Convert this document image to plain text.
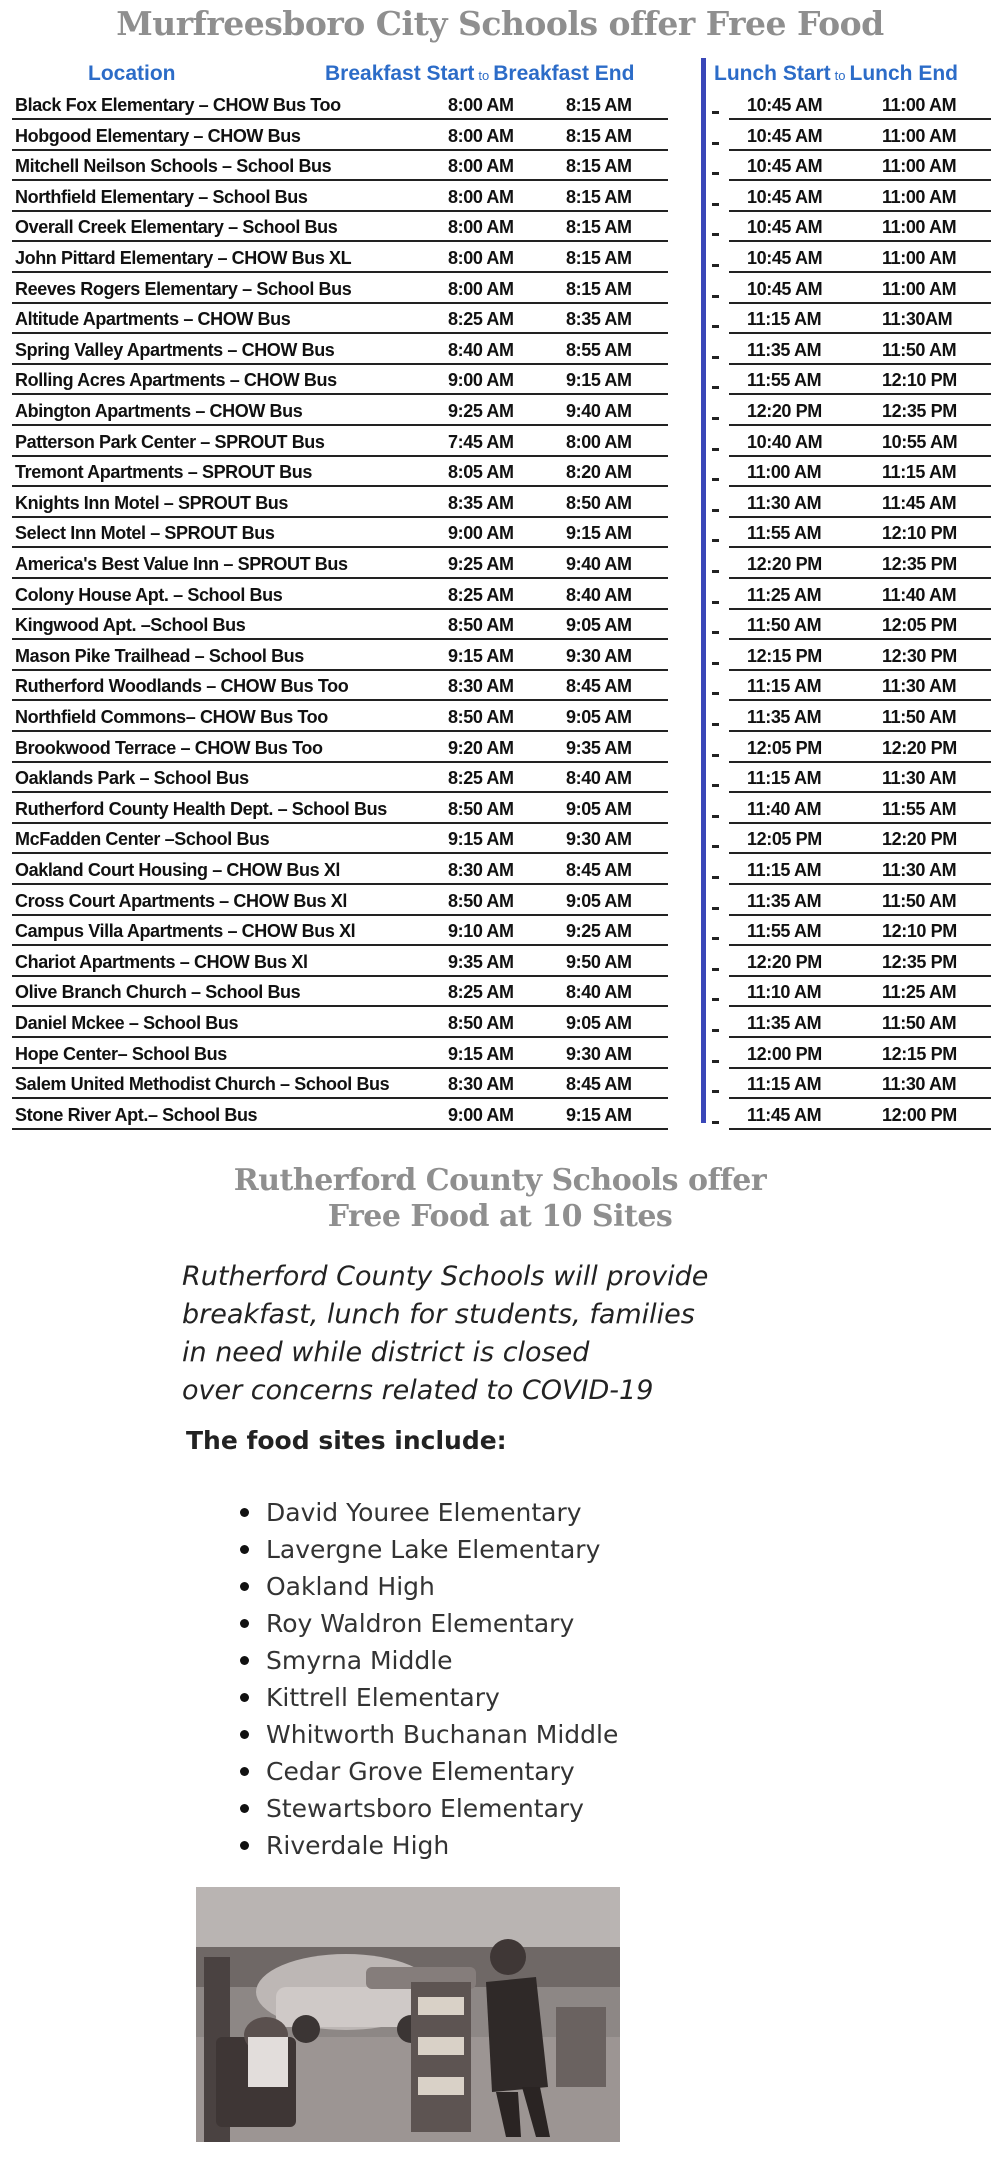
Murfreesboro City Schools offer Free Food
Location	Breakfast Start to Breakfast End	Lunch Start to Lunch End
Black Fox Elementary – CHOW Bus Too	8:00 AM	8:15 AM	10:45 AM	11:00 AM
Hobgood Elementary – CHOW Bus	8:00 AM	8:15 AM	10:45 AM	11:00 AM
Mitchell Neilson Schools – School Bus	8:00 AM	8:15 AM	10:45 AM	11:00 AM
Northfield Elementary – School Bus	8:00 AM	8:15 AM	10:45 AM	11:00 AM
Overall Creek Elementary – School Bus	8:00 AM	8:15 AM	10:45 AM	11:00 AM
John Pittard Elementary – CHOW Bus XL	8:00 AM	8:15 AM	10:45 AM	11:00 AM
Reeves Rogers Elementary – School Bus	8:00 AM	8:15 AM	10:45 AM	11:00 AM
Altitude Apartments – CHOW Bus	8:25 AM	8:35 AM	11:15 AM	11:30AM
Spring Valley Apartments – CHOW Bus	8:40 AM	8:55 AM	11:35 AM	11:50 AM
Rolling Acres Apartments – CHOW Bus	9:00 AM	9:15 AM	11:55 AM	12:10 PM
Abington Apartments – CHOW Bus	9:25 AM	9:40 AM	12:20 PM	12:35 PM
Patterson Park Center – SPROUT Bus	7:45 AM	8:00 AM	10:40 AM	10:55 AM
Tremont Apartments – SPROUT Bus	8:05 AM	8:20 AM	11:00 AM	11:15 AM
Knights Inn Motel – SPROUT Bus	8:35 AM	8:50 AM	11:30 AM	11:45 AM
Select Inn Motel – SPROUT Bus	9:00 AM	9:15 AM	11:55 AM	12:10 PM
America's Best Value Inn – SPROUT Bus	9:25 AM	9:40 AM	12:20 PM	12:35 PM
Colony House Apt. – School Bus	8:25 AM	8:40 AM	11:25 AM	11:40 AM
Kingwood Apt. –School Bus	8:50 AM	9:05 AM	11:50 AM	12:05 PM
Mason Pike Trailhead – School Bus	9:15 AM	9:30 AM	12:15 PM	12:30 PM
Rutherford Woodlands – CHOW Bus Too	8:30 AM	8:45 AM	11:15 AM	11:30 AM
Northfield Commons– CHOW Bus Too	8:50 AM	9:05 AM	11:35 AM	11:50 AM
Brookwood Terrace – CHOW Bus Too	9:20 AM	9:35 AM	12:05 PM	12:20 PM
Oaklands Park – School Bus	8:25 AM	8:40 AM	11:15 AM	11:30 AM
Rutherford County Health Dept. – School Bus	8:50 AM	9:05 AM	11:40 AM	11:55 AM
McFadden Center –School Bus	9:15 AM	9:30 AM	12:05 PM	12:20 PM
Oakland Court Housing – CHOW Bus Xl	8:30 AM	8:45 AM	11:15 AM	11:30 AM
Cross Court Apartments – CHOW Bus Xl	8:50 AM	9:05 AM	11:35 AM	11:50 AM
Campus Villa Apartments – CHOW Bus Xl	9:10 AM	9:25 AM	11:55 AM	12:10 PM
Chariot Apartments – CHOW Bus Xl	9:35 AM	9:50 AM	12:20 PM	12:35 PM
Olive Branch Church – School Bus	8:25 AM	8:40 AM	11:10 AM	11:25 AM
Daniel Mckee – School Bus	8:50 AM	9:05 AM	11:35 AM	11:50 AM
Hope Center– School Bus	9:15 AM	9:30 AM	12:00 PM	12:15 PM
Salem United Methodist Church – School Bus	8:30 AM	8:45 AM	11:15 AM	11:30 AM
Stone River Apt.– School Bus	9:00 AM	9:15 AM	11:45 AM	12:00 PM
Rutherford County Schools offer
Free Food at 10 Sites
Rutherford County Schools will provide
breakfast, lunch for students, families
in need while district is closed
over concerns related to COVID-19
The food sites include:
David Youree Elementary
Lavergne Lake Elementary
Oakland High
Roy Waldron Elementary
Smyrna Middle
Kittrell Elementary
Whitworth Buchanan Middle
Cedar Grove Elementary
Stewartsboro Elementary
Riverdale High
